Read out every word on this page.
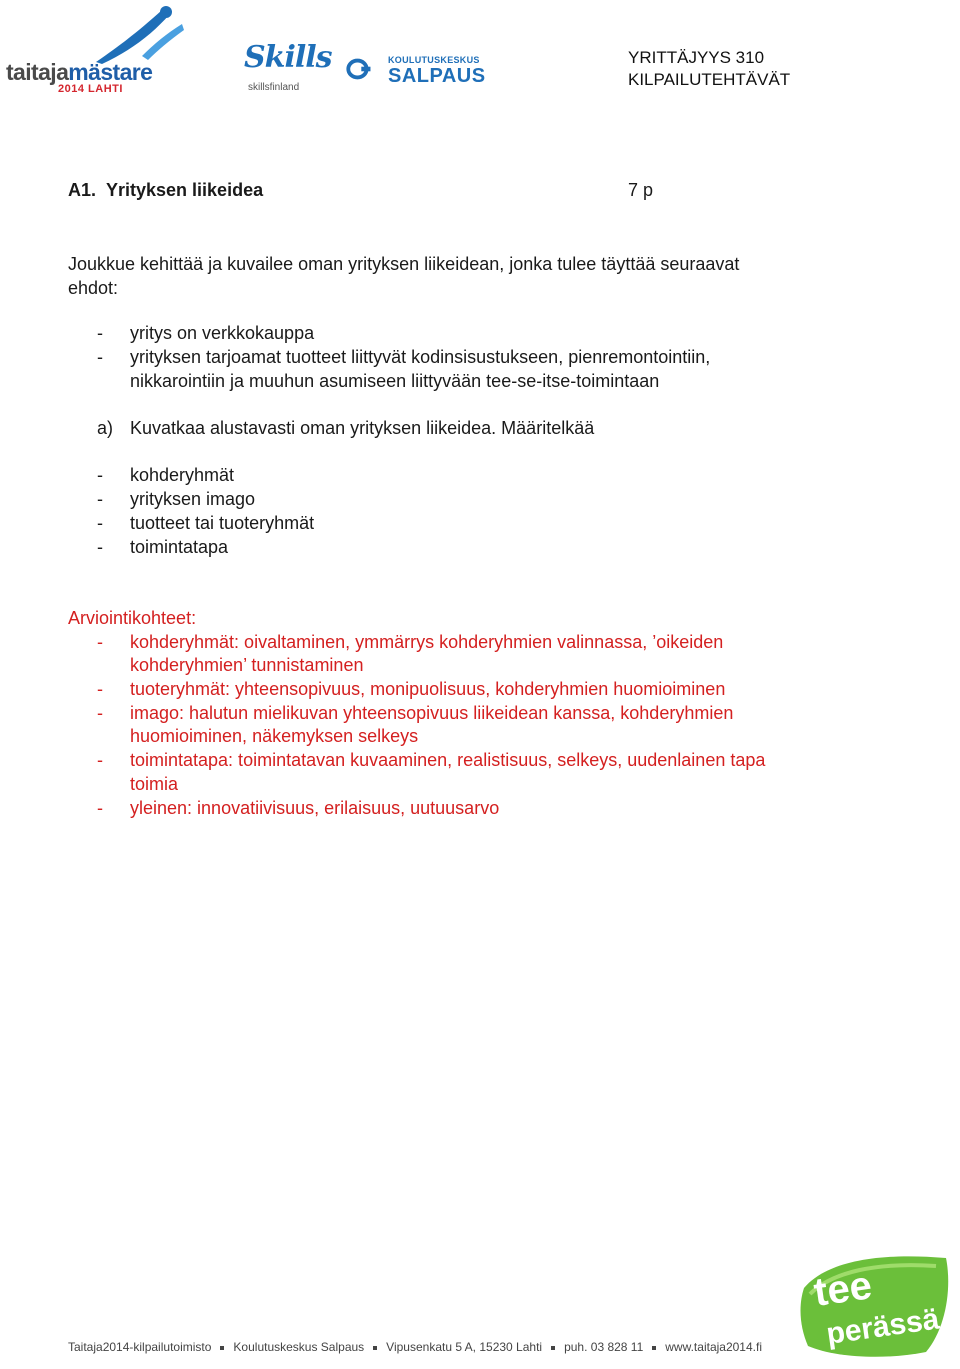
taitajamästare
2014 LAHTI
Skills
skillsfinland
KOULUTUSKESKUS
SALPAUS
YRITTÄJYYS 310
KILPAILUTEHTÄVÄT
A1. Yrityksen liikeidea	7 p
Joukkue kehittää ja kuvailee oman yrityksen liikeidean, jonka tulee täyttää seuraavat
ehdot:
- yritys on verkkokauppa
- yrityksen tarjoamat tuotteet liittyvät kodinsisustukseen, pienremontointiin,
nikkarointiin ja muuhun asumiseen liittyvään tee-se-itse-toimintaan
a) Kuvatkaa alustavasti oman yrityksen liikeidea. Määritelkää
- kohderyhmät
- yrityksen imago
- tuotteet tai tuoteryhmät
- toimintatapa
Arviointikohteet:
- kohderyhmät: oivaltaminen, ymmärrys kohderyhmien valinnassa, ’oikeiden
kohderyhmien’ tunnistaminen
- tuoteryhmät: yhteensopivuus, monipuolisuus, kohderyhmien huomioiminen
- imago: halutun mielikuvan yhteensopivuus liikeidean kanssa, kohderyhmien
huomioiminen, näkemyksen selkeys
- toimintatapa: toimintatavan kuvaaminen, realistisuus, selkeys, uudenlainen tapa
toimia
- yleinen: innovatiivisuus, erilaisuus, uutuusarvo
Taitaja2014-kilpailutoimisto Koulutuskeskus Salpaus Vipusenkatu 5 A, 15230 Lahti puh. 03 828 11 www.taitaja2014.fi
tee
perässä
